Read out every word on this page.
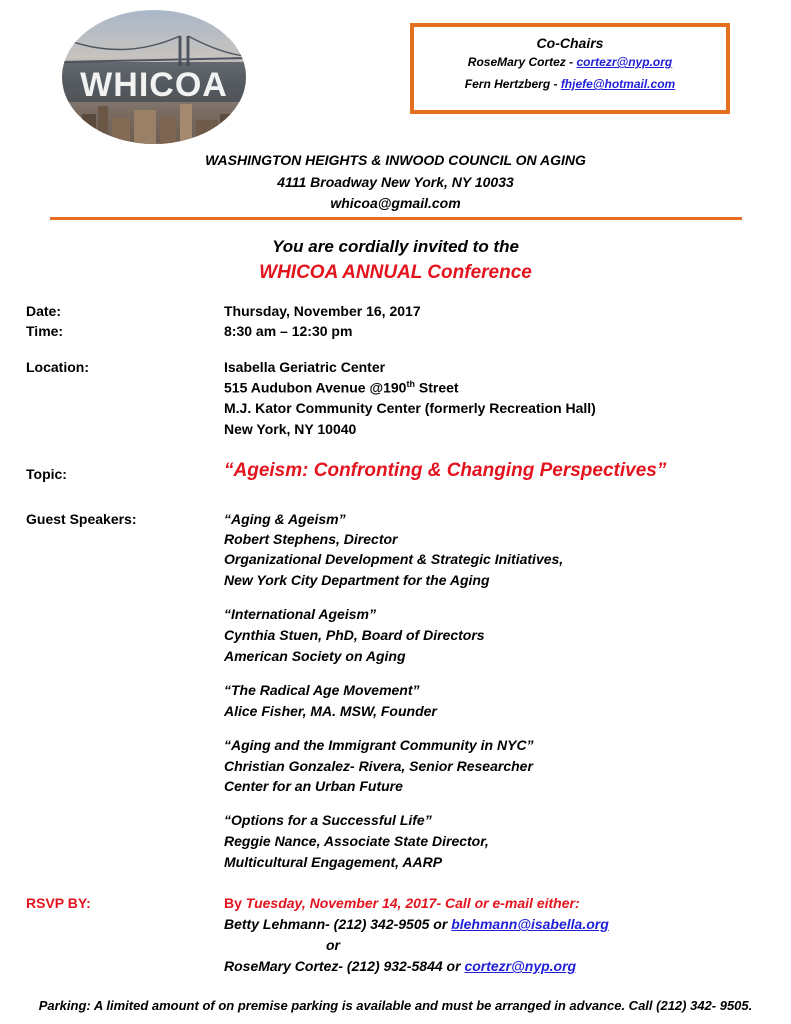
WHICOA
Co-Chairs
RoseMary Cortez - cortezr@nyp.org
Fern Hertzberg - fhjefe@hotmail.com
WASHINGTON HEIGHTS & INWOOD COUNCIL ON AGING
4111 Broadway New York, NY 10033
whicoa@gmail.com
You are cordially invited to the
WHICOA ANNUAL Conference
Date:	Thursday, November 16, 2017
Time:	8:30 am – 12:30 pm
Location:	Isabella Geriatric Center
515 Audubon Avenue @190th Street
M.J. Kator Community Center (formerly Recreation Hall)
New York, NY 10040
Topic:	“Ageism: Confronting & Changing Perspectives”
Guest Speakers:	“Aging & Ageism”
Robert Stephens, Director
Organizational Development & Strategic Initiatives,
New York City Department for the Aging
“International Ageism”
Cynthia Stuen, PhD, Board of Directors
American Society on Aging
“The Radical Age Movement”
Alice Fisher, MA. MSW, Founder
“Aging and the Immigrant Community in NYC”
Christian Gonzalez- Rivera, Senior Researcher
Center for an Urban Future
“Options for a Successful Life”
Reggie Nance, Associate State Director,
Multicultural Engagement, AARP
RSVP BY:	By Tuesday, November 14, 2017- Call or e-mail either:
Betty Lehmann- (212) 342-9505 or blehmann@isabella.org
or
RoseMary Cortez- (212) 932-5844 or cortezr@nyp.org
Parking: A limited amount of on premise parking is available and must be arranged in advance. Call (212) 342- 9505.
